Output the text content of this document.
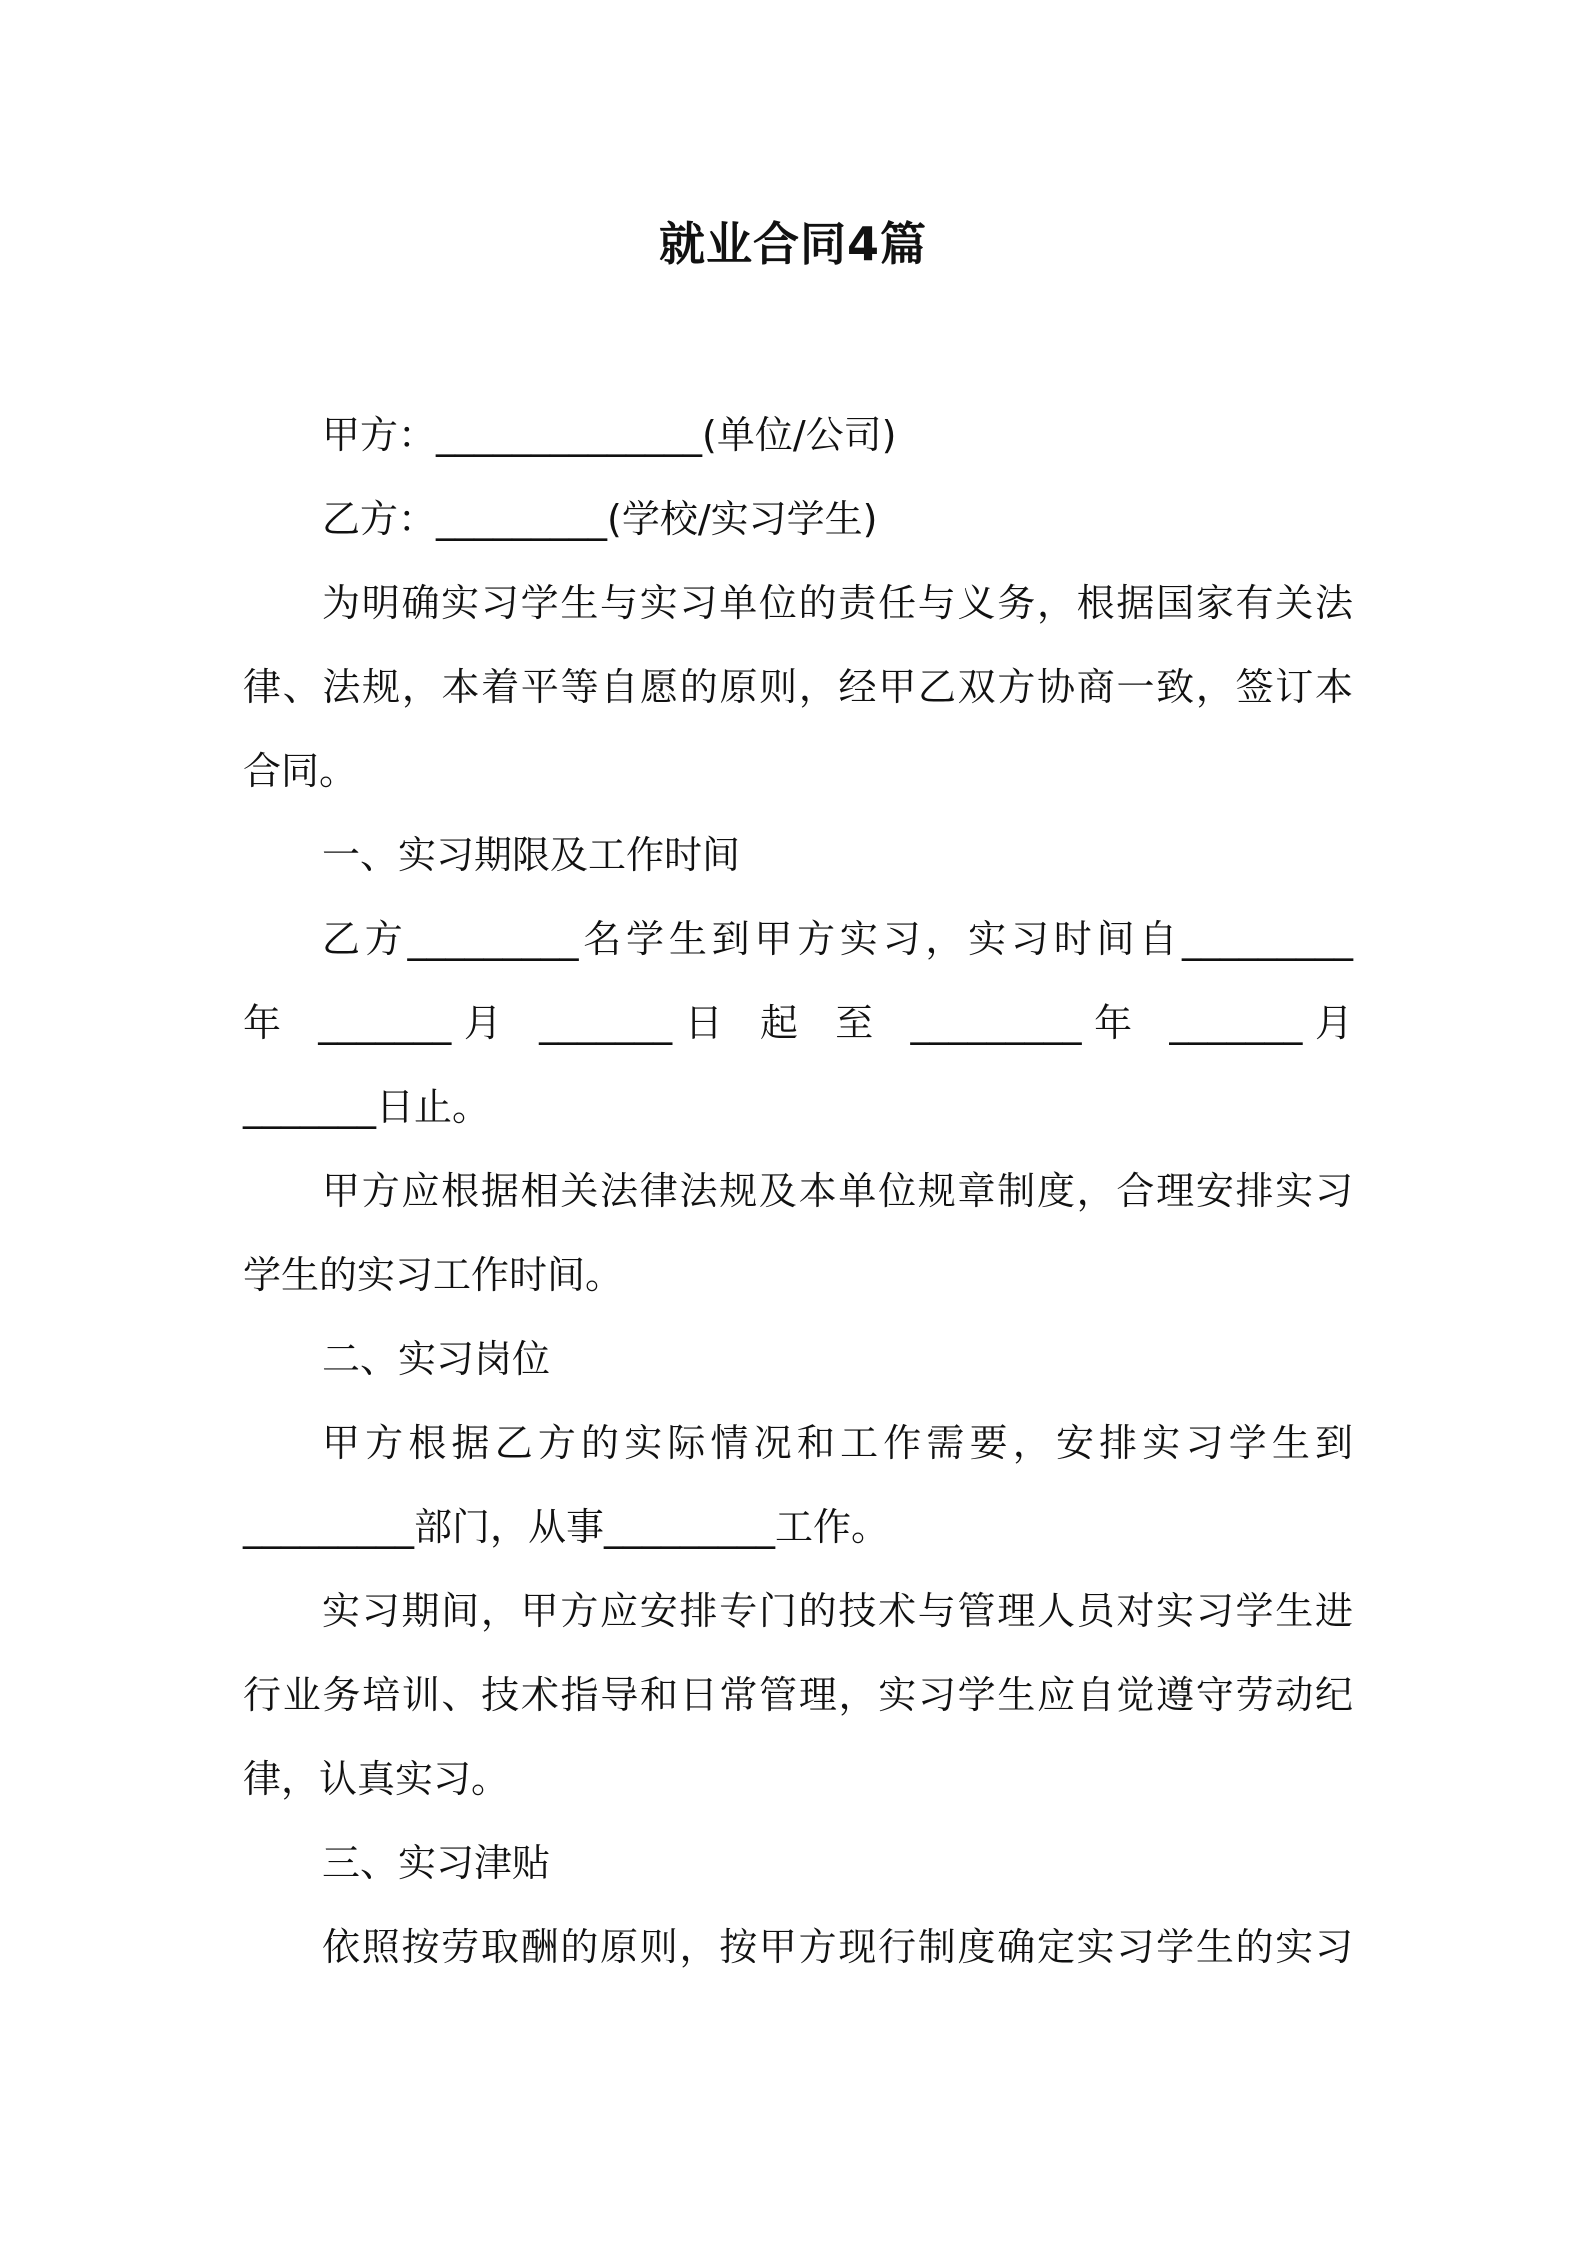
就业合同4篇
甲方：______________(单位/公司)
乙方：_________(学校/实习学生)
为明确实习学生与实习单位的责任与义务，根据国家有关法
律、法规，本着平等自愿的原则，经甲乙双方协商一致，签订本
合同。
一、实习期限及工作时间
乙方_________名学生到甲方实习，实习时间自_________
年 _______月 _______日 起 至 _________年 _______月
_______日止。
甲方应根据相关法律法规及本单位规章制度，合理安排实习
学生的实习工作时间。
二、实习岗位
甲方根据乙方的实际情况和工作需要，安排实习学生到
_________部门，从事_________工作。
实习期间，甲方应安排专门的技术与管理人员对实习学生进
行业务培训、技术指导和日常管理，实习学生应自觉遵守劳动纪
律，认真实习。
三、实习津贴
依照按劳取酬的原则，按甲方现行制度确定实习学生的实习
